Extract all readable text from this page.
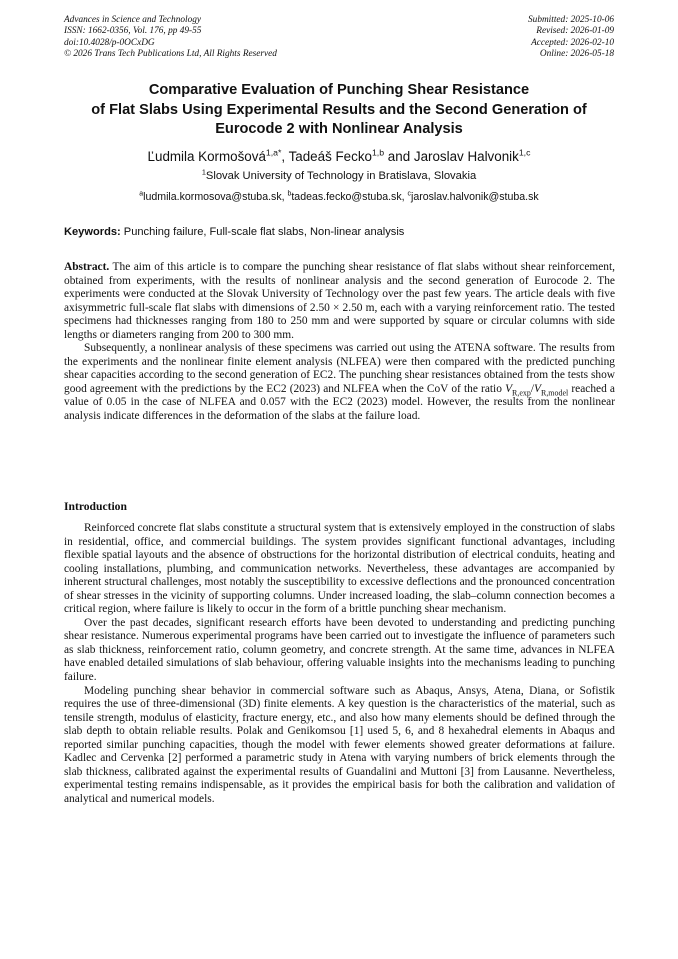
Advances in Science and Technology
ISSN: 1662-0356, Vol. 176, pp 49-55
doi:10.4028/p-0OCxDG
© 2026 Trans Tech Publications Ltd, All Rights Reserved
Submitted: 2025-10-06
Revised: 2026-01-09
Accepted: 2026-02-10
Online: 2026-05-18
Comparative Evaluation of Punching Shear Resistance
of Flat Slabs Using Experimental Results and the Second Generation of
Eurocode 2 with Nonlinear Analysis
Ľudmila Kormošová$^{1,a*}$, Tadeáš Fecko$^{1,b}$ and Jaroslav Halvonik$^{1,c}$
$^1$Slovak University of Technology in Bratislava, Slovakia
$^a$ludmila.kormosova@stuba.sk, $^b$tadeas.fecko@stuba.sk, $^c$jaroslav.halvonik@stuba.sk
Keywords: Punching failure, Full-scale flat slabs, Non-linear analysis

Abstract. The aim of this article is to compare the punching shear resistance of flat slabs without shear reinforcement, obtained from experiments, with the results of nonlinear analysis and the second generation of Eurocode 2. The experiments were conducted at the Slovak University of Technology over the past few years. The article deals with five axisymmetric full-scale flat slabs with dimensions of 2.50 × 2.50 m, each with a varying reinforcement ratio. The tested specimens had thicknesses ranging from 180 to 250 mm and were supported by square or circular columns with side lengths or diameters ranging from 200 to 300 mm.

Subsequently, a nonlinear analysis of these specimens was carried out using the ATENA software. The results from the experiments and the nonlinear finite element analysis (NLFEA) were then compared with the predicted punching shear capacities according to the second generation of EC2. The punching shear resistances obtained from the tests show good agreement with the predictions by the EC2 (2023) and NLFEA when the CoV of the ratio $V_{R,exp}/V_{R,model}$ reached a value of 0.05 in the case of NLFEA and 0.057 with the EC2 (2023) model. However, the results from the nonlinear analysis indicate differences in the deformation of the slabs at the failure load.

Introduction

Reinforced concrete flat slabs constitute a structural system that is extensively employed in the construction of slabs in residential, office, and commercial buildings. The system provides significant functional advantages, including flexible spatial layouts and the absence of obstructions for the horizontal distribution of electrical conduits, heating and cooling installations, plumbing, and communication networks. Nevertheless, these advantages are accompanied by inherent structural challenges, most notably the susceptibility to excessive deflections and the pronounced concentration of shear stresses in the vicinity of supporting columns. Under increased loading, the slab–column connection becomes a critical region, where failure is likely to occur in the form of a brittle punching shear mechanism.

Over the past decades, significant research efforts have been devoted to understanding and predicting punching shear resistance. Numerous experimental programs have been carried out to investigate the influence of parameters such as slab thickness, reinforcement ratio, column geometry, and concrete strength. At the same time, advances in NLFEA have enabled detailed simulations of slab behaviour, offering valuable insights into the mechanisms leading to punching failure.

Modeling punching shear behavior in commercial software such as Abaqus, Ansys, Atena, Diana, or Sofistik requires the use of three-dimensional (3D) finite elements. A key question is the characteristics of the material, such as tensile strength, modulus of elasticity, fracture energy, etc., and also how many elements should be defined through the slab depth to obtain reliable results. Polak and Genikomsou [1] used 5, 6, and 8 hexahedral elements in Abaqus and reported similar punching capacities, though the model with fewer elements showed greater deformations at failure. Kadlec and Cervenka [2] performed a parametric study in Atena with varying numbers of brick elements through the slab thickness, calibrated against the experimental results of Guandalini and Muttoni [3] from Lausanne. Nevertheless, experimental testing remains indispensable, as it provides the empirical basis for both the calibration and validation of analytical and numerical models.
